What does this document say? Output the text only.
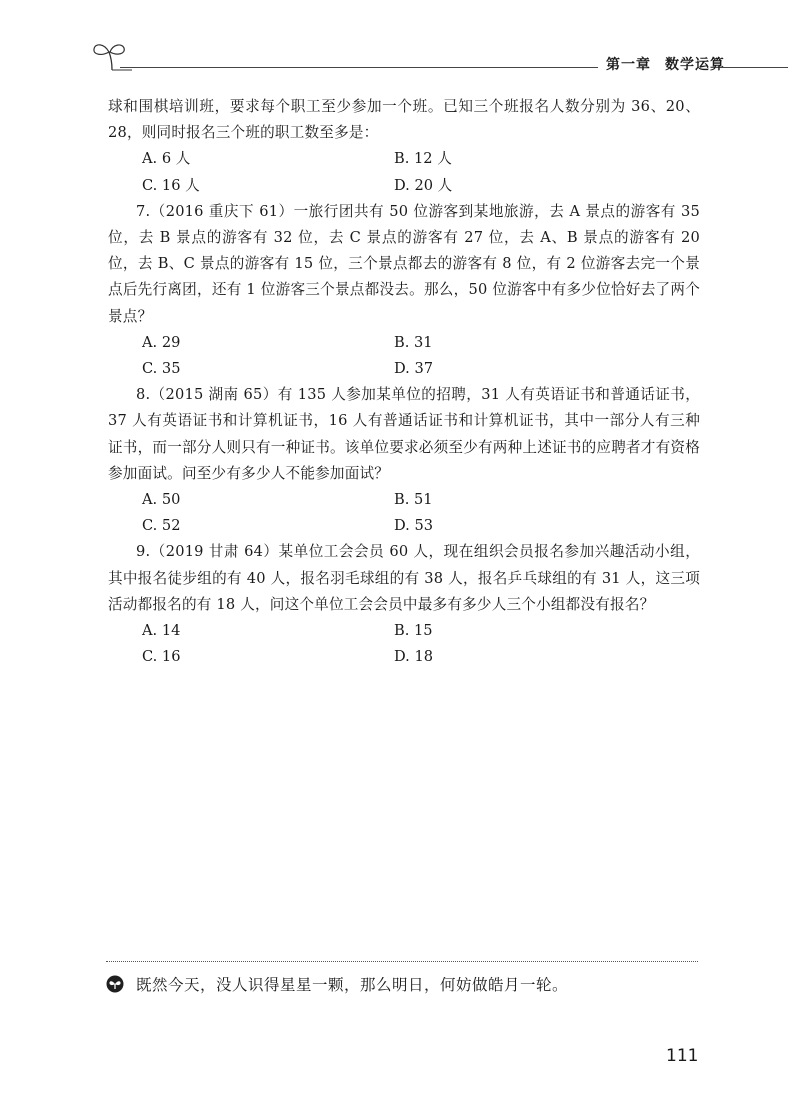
第一章 数学运算

球和围棋培训班，要求每个职工至少参加一个班。已知三个班报名人数分别为 36、20、28，则同时报名三个班的职工数至多是：

A. 6 人	B. 12 人
C. 16 人	D. 20 人

7.（2016 重庆下 61）一旅行团共有 50 位游客到某地旅游，去 A 景点的游客有 35 位，去 B 景点的游客有 32 位，去 C 景点的游客有 27 位，去 A、B 景点的游客有 20 位，去 B、C 景点的游客有 15 位，三个景点都去的游客有 8 位，有 2 位游客去完一个景点后先行离团，还有 1 位游客三个景点都没去。那么，50 位游客中有多少位恰好去了两个景点？

A. 29	B. 31
C. 35	D. 37

8.（2015 湖南 65）有 135 人参加某单位的招聘，31 人有英语证书和普通话证书，37 人有英语证书和计算机证书，16 人有普通话证书和计算机证书，其中一部分人有三种证书，而一部分人则只有一种证书。该单位要求必须至少有两种上述证书的应聘者才有资格参加面试。问至少有多少人不能参加面试？

A. 50	B. 51
C. 52	D. 53

9.（2019 甘肃 64）某单位工会会员 60 人，现在组织会员报名参加兴趣活动小组，其中报名徒步组的有 40 人，报名羽毛球组的有 38 人，报名乒乓球组的有 31 人，这三项活动都报名的有 18 人，问这个单位工会会员中最多有多少人三个小组都没有报名？

A. 14	B. 15
C. 16	D. 18
既然今天，没人识得星星一颗，那么明日，何妨做皓月一轮。
111
